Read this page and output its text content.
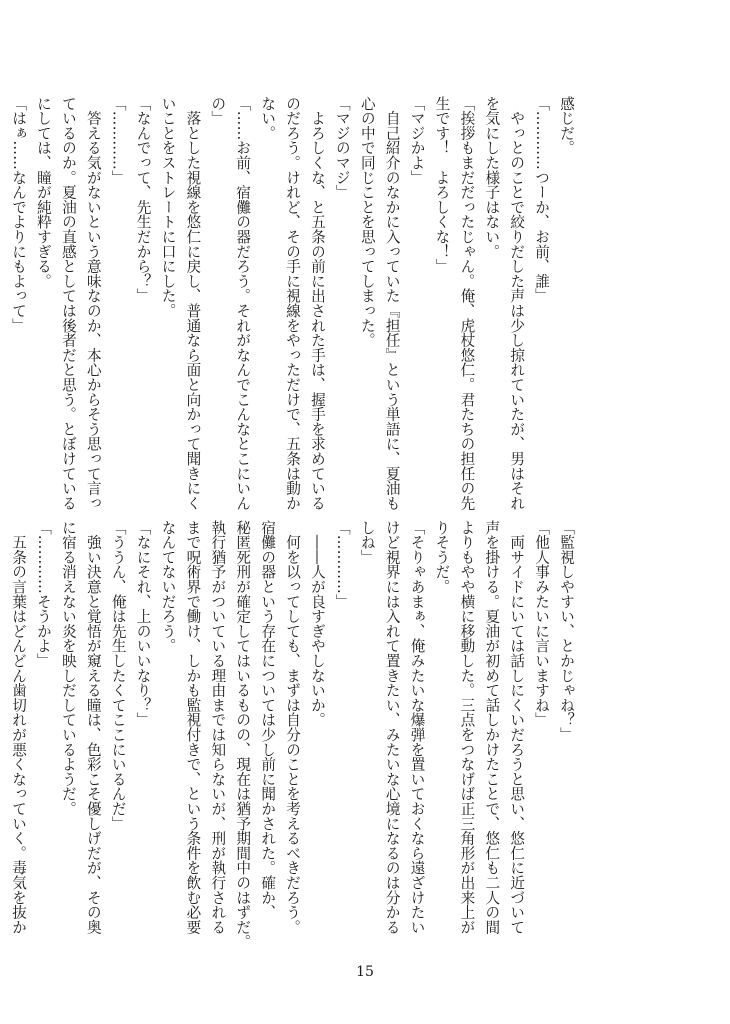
感じだ。
「…………つーか、お前、誰」
　やっとのことで絞りだした声は少し掠れていたが、男はそれ
を気にした様子はない。
「挨拶もまだだったじゃん。俺、虎杖悠仁。君たちの担任の先
生です！　よろしくな！」
「マジかよ」
　自己紹介のなかに入っていた『担任』という単語に、夏油も
心の中で同じことを思ってしまった。
「マジのマジ」
　よろしくな、と五条の前に出された手は、握手を求めている
のだろう。けれど、その手に視線をやっただけで、五条は動か
ない。
「……お前、宿儺の器だろう。それがなんでこんなとこにいん
の」
　落とした視線を悠仁に戻し、普通なら面と向かって聞きにく
いことをストレートに口にした。
「なんでって、先生だから？」
「…………」
　答える気がないという意味なのか、本心からそう思って言っ
ているのか。夏油の直感としては後者だと思う。とぼけている
にしては、瞳が純粋すぎる。
「はぁ……なんでよりにもよって」
「監視しやすい、とかじゃね？」
「他人事みたいに言いますね」
　両サイドにいては話しにくいだろうと思い、悠仁に近づいて
声を掛ける。夏油が初めて話しかけたことで、悠仁も二人の間
よりもやや横に移動した。三点をつなげば正三角形が出来上が
りそうだ。
「そりゃあまぁ、俺みたいな爆弾を置いておくなら遠ざけたい
けど視界には入れて置きたい、みたいな心境になるのは分かる
しね」
「…………」
　――人が良すぎやしないか。
　何を以ってしても、まずは自分のことを考えるべきだろう。
宿儺の器という存在については少し前に聞かされた。確か、
秘匿死刑が確定してはいるものの、現在は猶予期間中のはずだ。
執行猶予がついている理由までは知らないが、刑が執行される
まで呪術界で働け、しかも監視付きで、という条件を飲む必要
なんてないだろう。
「なにそれ、上のいいなり？」
「ううん、俺は先生したくてここにいるんだ」
　強い決意と覚悟が窺える瞳は、色彩こそ優しげだが、その奥
に宿る消えない炎を映しだしているようだ。
「…………そうかよ」
　五条の言葉はどんどん歯切れが悪くなっていく。毒気を抜か
15
